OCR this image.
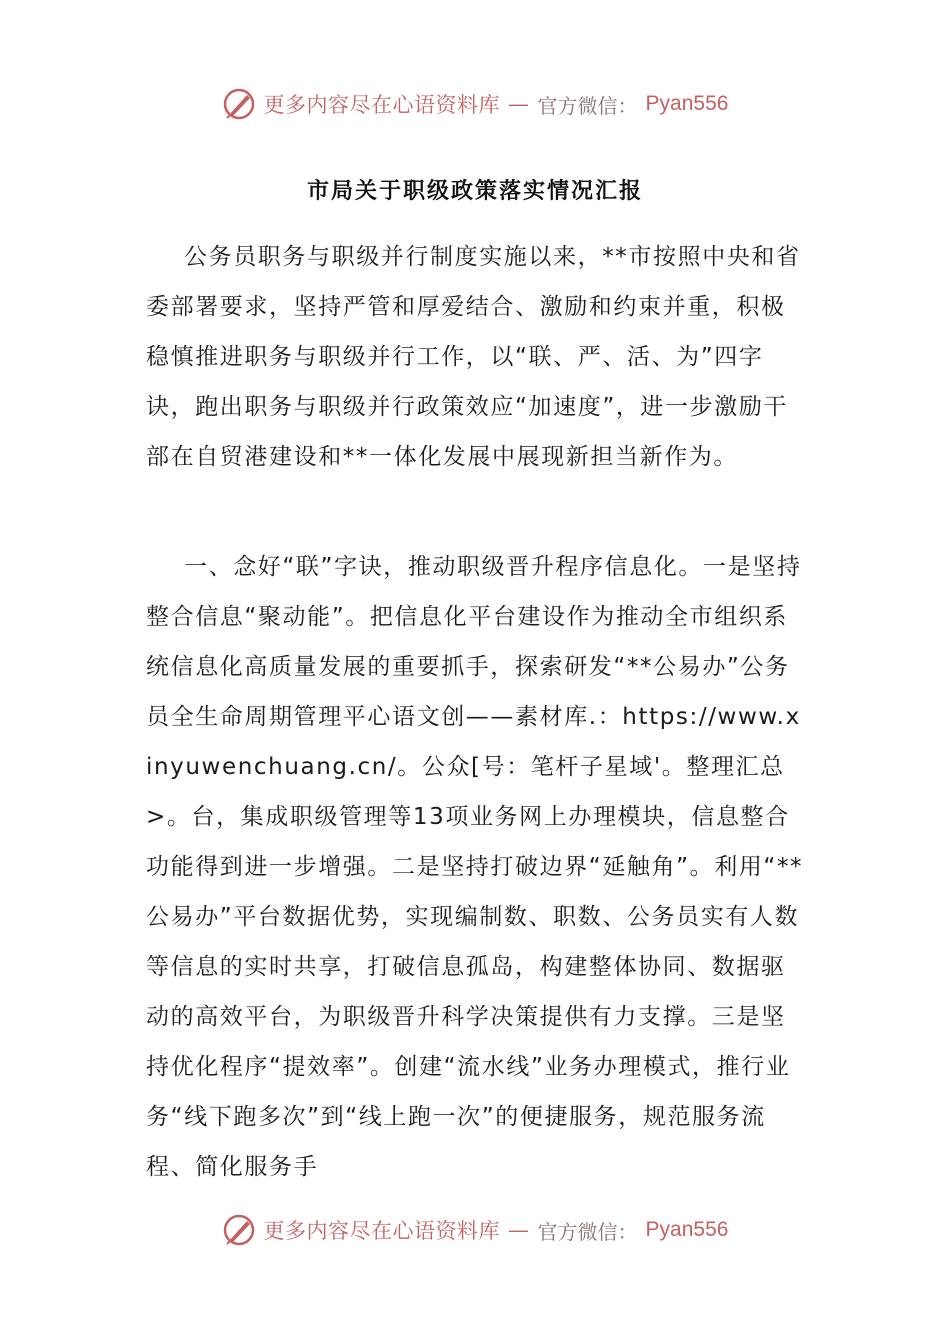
更多内容尽在心语资料库 — 官方微信： Pyan556
市局关于职级政策落实情况汇报

公务员职务与职级并行制度实施以来，**市按照中央和省委部署要求，坚持严管和厚爱结合、激励和约束并重，积极稳慎推进职务与职级并行工作，以“联、严、活、为”四字诀，跑出职务与职级并行政策效应“加速度”，进一步激励干部在自贸港建设和**一体化发展中展现新担当新作为。

一、念好“联”字诀，推动职级晋升程序信息化。一是坚持整合信息“聚动能”。把信息化平台建设作为推动全市组织系统信息化高质量发展的重要抓手，探索研发“**公易办”公务员全生命周期管理平心语文创——素材库.：https://www.xinyuwenchuang.cn/。公众[号：笔杆子星域'。整理汇总>。台，集成职级管理等13项业务网上办理模块，信息整合功能得到进一步增强。二是坚持打破边界“延触角”。利用“**公易办”平台数据优势，实现编制数、职数、公务员实有人数等信息的实时共享，打破信息孤岛，构建整体协同、数据驱动的高效平台，为职级晋升科学决策提供有力支撑。三是坚持优化程序“提效率”。创建“流水线”业务办理模式，推行业务“线下跑多次”到“线上跑一次”的便捷服务，规范服务流程、简化服务手

更多内容尽在心语资料库 — 官方微信： Pyan556
